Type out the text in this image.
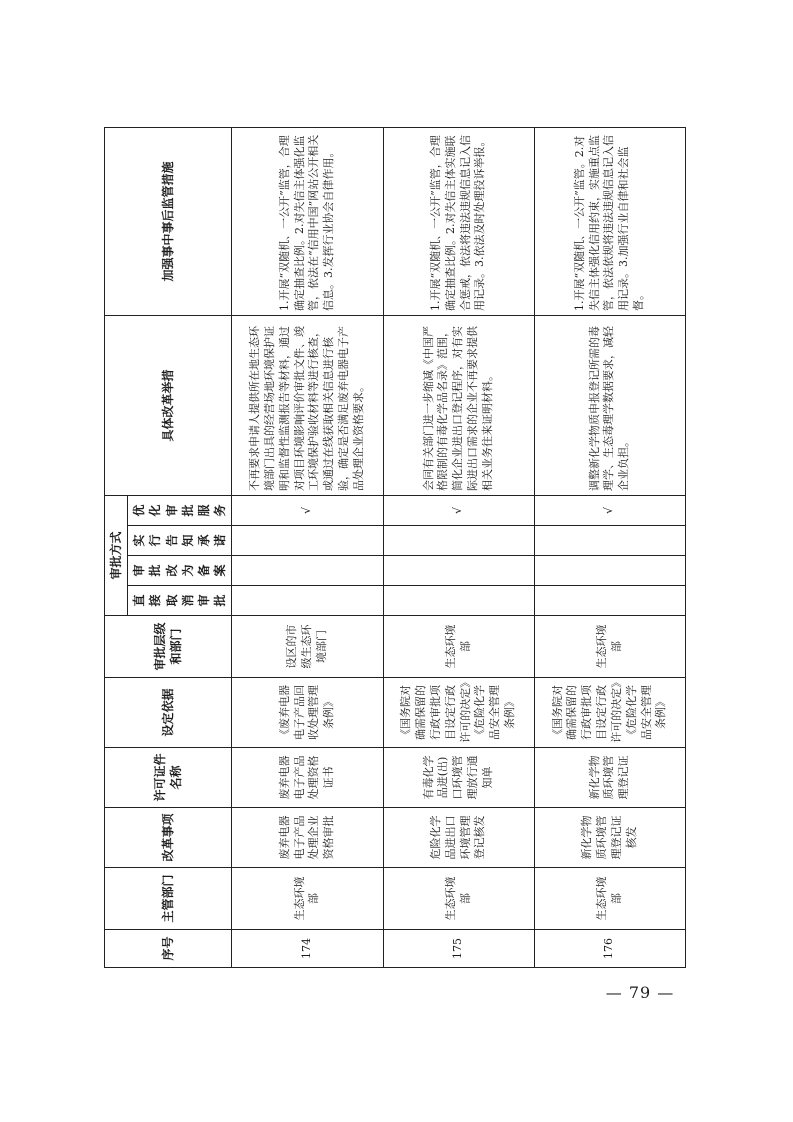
序号	主管部门	改革事项	许可证件名称	设定依据	审批层级和部门	审批方式				具体改革举措	加强事中事后监管措施
						直接取消审批	审批改为备案	实行告知承诺	优化审批服务		
174	生态环境部	废弃电器电子产品处理企业资格审批	废弃电器电子产品处理资格证书	《废弃电器电子产品回收处理管理条例》	设区的市级生态环境部门				√	不再要求申请人提供所在地生态环境部门出具的经营场地环境保护证明和监督性监测报告等材料，通过对项目环境影响评价审批文件、竣工环境保护验收材料等进行核查，或通过在线获取相关信息进行核验，确定是否满足废弃电器电子产品处理企业资格要求。	1.开展“双随机、一公开”监管，合理确定抽查比例。2.对失信主体强化监管，依法在“信用中国”网站公开相关信息。3.发挥行业协会自律作用。
175	生态环境部	危险化学品进出口环境管理登记核发	有毒化学品进(出)口环境管理放行通知单	《国务院对确需保留的行政审批项目设定行政许可的决定》《危险化学品安全管理条例》	生态环境部				√	会同有关部门进一步缩减《中国严格限制的有毒化学品名录》范围，简化企业进出口登记程序，对有实际进出口需求的企业不再要求提供相关业务往来证明材料。	1.开展“双随机、一公开”监管，合理确定抽查比例。2.对失信主体实施联合惩戒，依法将违法违规信息记入信用记录。3.依法及时处理投诉举报。
176	生态环境部	新化学物质环境管理登记证核发	新化学物质环境管理登记证	《国务院对确需保留的行政审批项目设定行政许可的决定》《危险化学品安全管理条例》	生态环境部				√	调整新化学物质申报登记所需的毒理学、生态毒理学数据要求，减轻企业负担。	1.开展“双随机、一公开”监管。2.对失信主体强化信用约束，实施重点监管，依法依规将违法违规信息记入信用记录。3.加强行业自律和社会监督。
— 79 —
